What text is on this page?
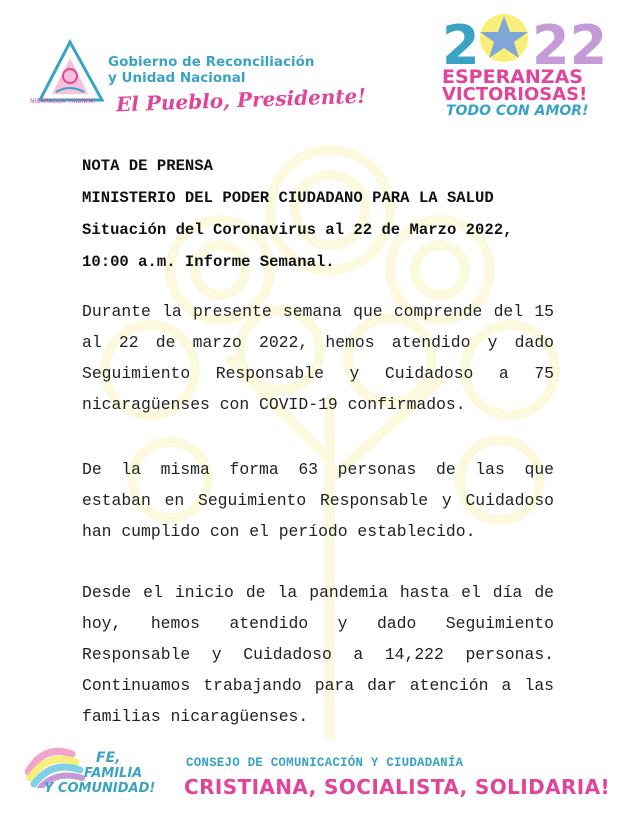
NICARAGUA TRIUNFA!
Gobierno de Reconciliación
y Unidad Nacional
El Pueblo, Presidente!
2 22
ESPERANZAS
VICTORIOSAS!
TODO CON AMOR!
NOTA DE PRENSA
MINISTERIO DEL PODER CIUDADANO PARA LA SALUD
Situación del Coronavirus al 22 de Marzo 2022,
10:00 a.m. Informe Semanal.
Durante la presente semana que comprende del 15 al 22 de marzo 2022, hemos atendido y dado Seguimiento Responsable y Cuidadoso a 75 nicaragüenses con COVID-19 confirmados.
De la misma forma 63 personas de las que estaban en Seguimiento Responsable y Cuidadoso han cumplido con el período establecido.
Desde el inicio de la pandemia hasta el día de hoy, hemos atendido y dado Seguimiento Responsable y Cuidadoso a 14,222 personas. Continuamos trabajando para dar atención a las familias nicaragüenses.
FE,
FAMILIA
Y COMUNIDAD!
CONSEJO DE COMUNICACIÓN Y CIUDADANÍA
CRISTIANA, SOCIALISTA, SOLIDARIA!
